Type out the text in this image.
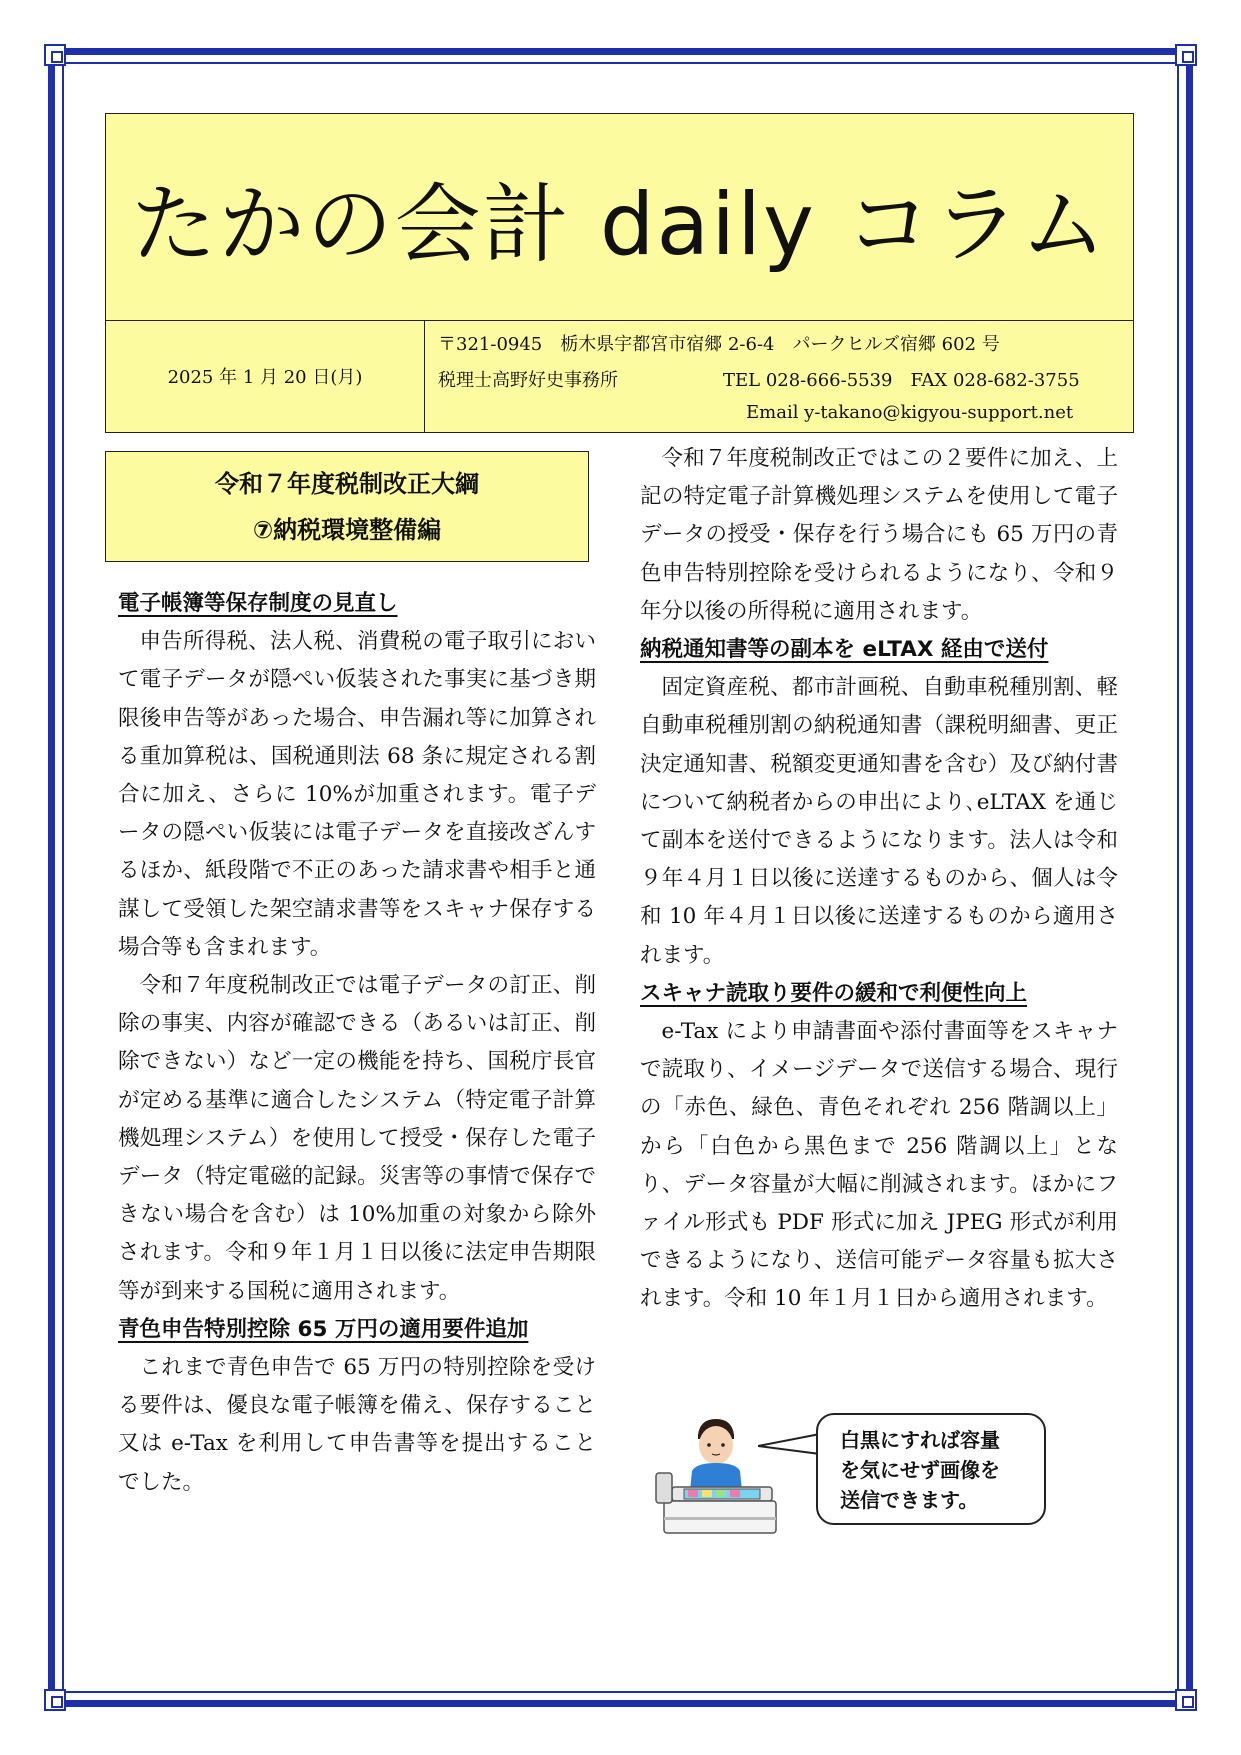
たかの会計 daily コラム
2025 年 1 月 20 日(月)
〒321-0945　栃木県宇都宮市宿郷 2-6-4　パークヒルズ宿郷 602 号
税理士高野好史事務所	TEL 028-666-5539　FAX 028-682-3755
Email y-takano@kigyou-support.net
令和７年度税制改正大綱
⑦納税環境整備編
電子帳簿等保存制度の見直し

申告所得税、法人税、消費税の電子取引において電子データが隠ぺい仮装された事実に基づき期限後申告等があった場合、申告漏れ等に加算される重加算税は、国税通則法 68 条に規定される割合に加え、さらに 10%が加重されます。電子データの隠ぺい仮装には電子データを直接改ざんするほか、紙段階で不正のあった請求書や相手と通謀して受領した架空請求書等をスキャナ保存する場合等も含まれます。

令和７年度税制改正では電子データの訂正、削除の事実、内容が確認できる（あるいは訂正、削除できない）など一定の機能を持ち、国税庁長官が定める基準に適合したシステム（特定電子計算機処理システム）を使用して授受・保存した電子データ（特定電磁的記録。災害等の事情で保存できない場合を含む）は 10%加重の対象から除外されます。令和９年１月１日以後に法定申告期限等が到来する国税に適用されます。

青色申告特別控除 65 万円の適用要件追加

これまで青色申告で 65 万円の特別控除を受ける要件は、優良な電子帳簿を備え、保存すること又は e-Tax を利用して申告書等を提出することでした。

令和７年度税制改正ではこの２要件に加え、上記の特定電子計算機処理システムを使用して電子データの授受・保存を行う場合にも 65 万円の青色申告特別控除を受けられるようになり、令和９年分以後の所得税に適用されます。

納税通知書等の副本を eLTAX 経由で送付

固定資産税、都市計画税、自動車税種別割、軽自動車税種別割の納税通知書（課税明細書、更正決定通知書、税額変更通知書を含む）及び納付書について納税者からの申出により､eLTAX を通じて副本を送付できるようになります。法人は令和９年４月１日以後に送達するものから、個人は令和 10 年４月１日以後に送達するものから適用されます。

スキャナ読取り要件の緩和で利便性向上

e-Tax により申請書面や添付書面等をスキャナで読取り、イメージデータで送信する場合、現行の「赤色、緑色、青色それぞれ 256 階調以上」から「白色から黒色まで 256 階調以上」となり、データ容量が大幅に削減されます。ほかにファイル形式も PDF 形式に加え JPEG 形式が利用できるようになり、送信可能データ容量も拡大されます。令和 10 年１月１日から適用されます。

白黒にすれば容量
を気にせず画像を
送信できます。
